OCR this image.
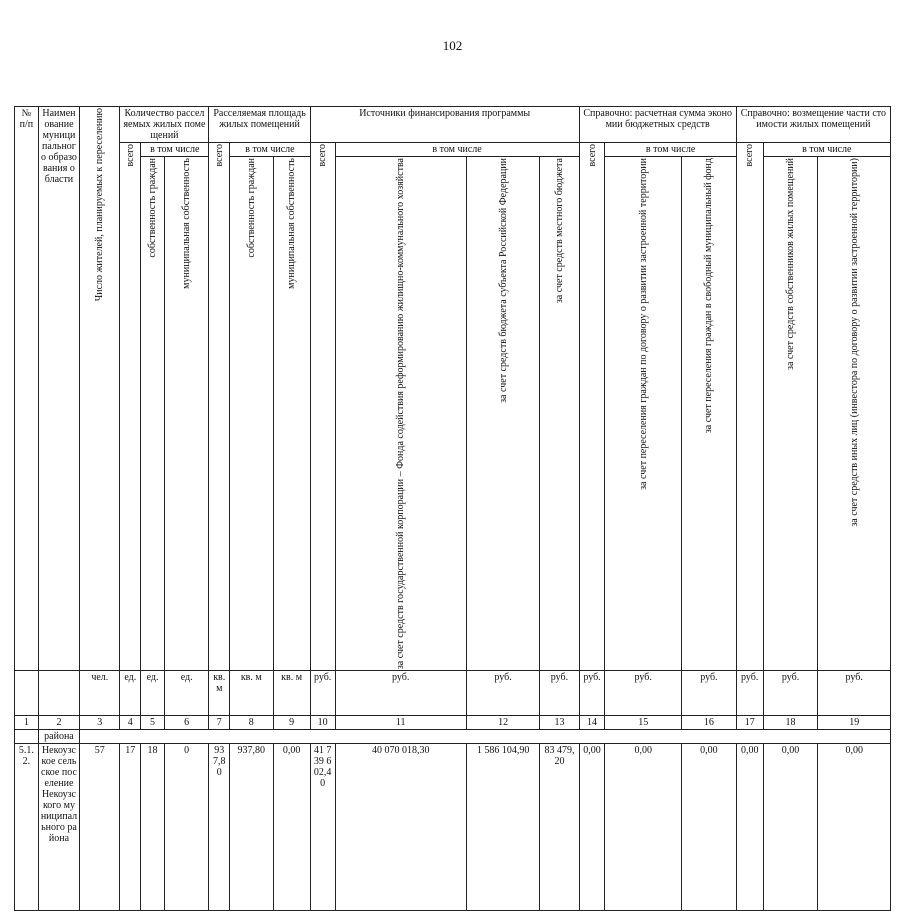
102
№ п/п	Наименование муниципального образования области	Число жителей, планируемых к переселению	Количество расселяемых жилых помещений			Расселяемая площадь жилых помещений			Источники финансирования программы				Справочно: расчетная сумма экономии бюджетных средств			Справочно: возмещение части стоимости жилых помещений		

			всего	в том числе		всего	в том числе		всего	в том числе			всего	в том числе		всего	в том числе	

				собственность граждан	муниципальная собственность		собственность граждан	муниципальная собственность		за счет средств государственной корпорации – Фонда содействия реформированию жилищно-коммунального хозяйства	за счет средств бюджета субъекта Российской Федерации	за счет средств местного бюджета		за счет переселения граждан по договору о развитии застроенной территории	за счет переселения граждан в свободный муниципальный фонд		за счет средств собственников жилых помещений	за счет средств иных лиц (инвестора по договору о развитии застроенной территории)

		чел.	ед.	ед.	ед.	кв. м	кв. м	кв. м	руб.	руб.	руб.	руб.	руб.	руб.	руб.	руб.	руб.	руб.
1	2	3	4	5	6	7	8	9	10	11	12	13	14	15	16	17	18	19
	района																	
5.1.2.	Некоузское сельское поселение Некоузского муниципального района	57	17	18	0	937,80	937,80	0,00	41 739 602,40	40 070 018,30	1 586 104,90	83 479,20	0,00	0,00	0,00	0,00	0,00	0,00
